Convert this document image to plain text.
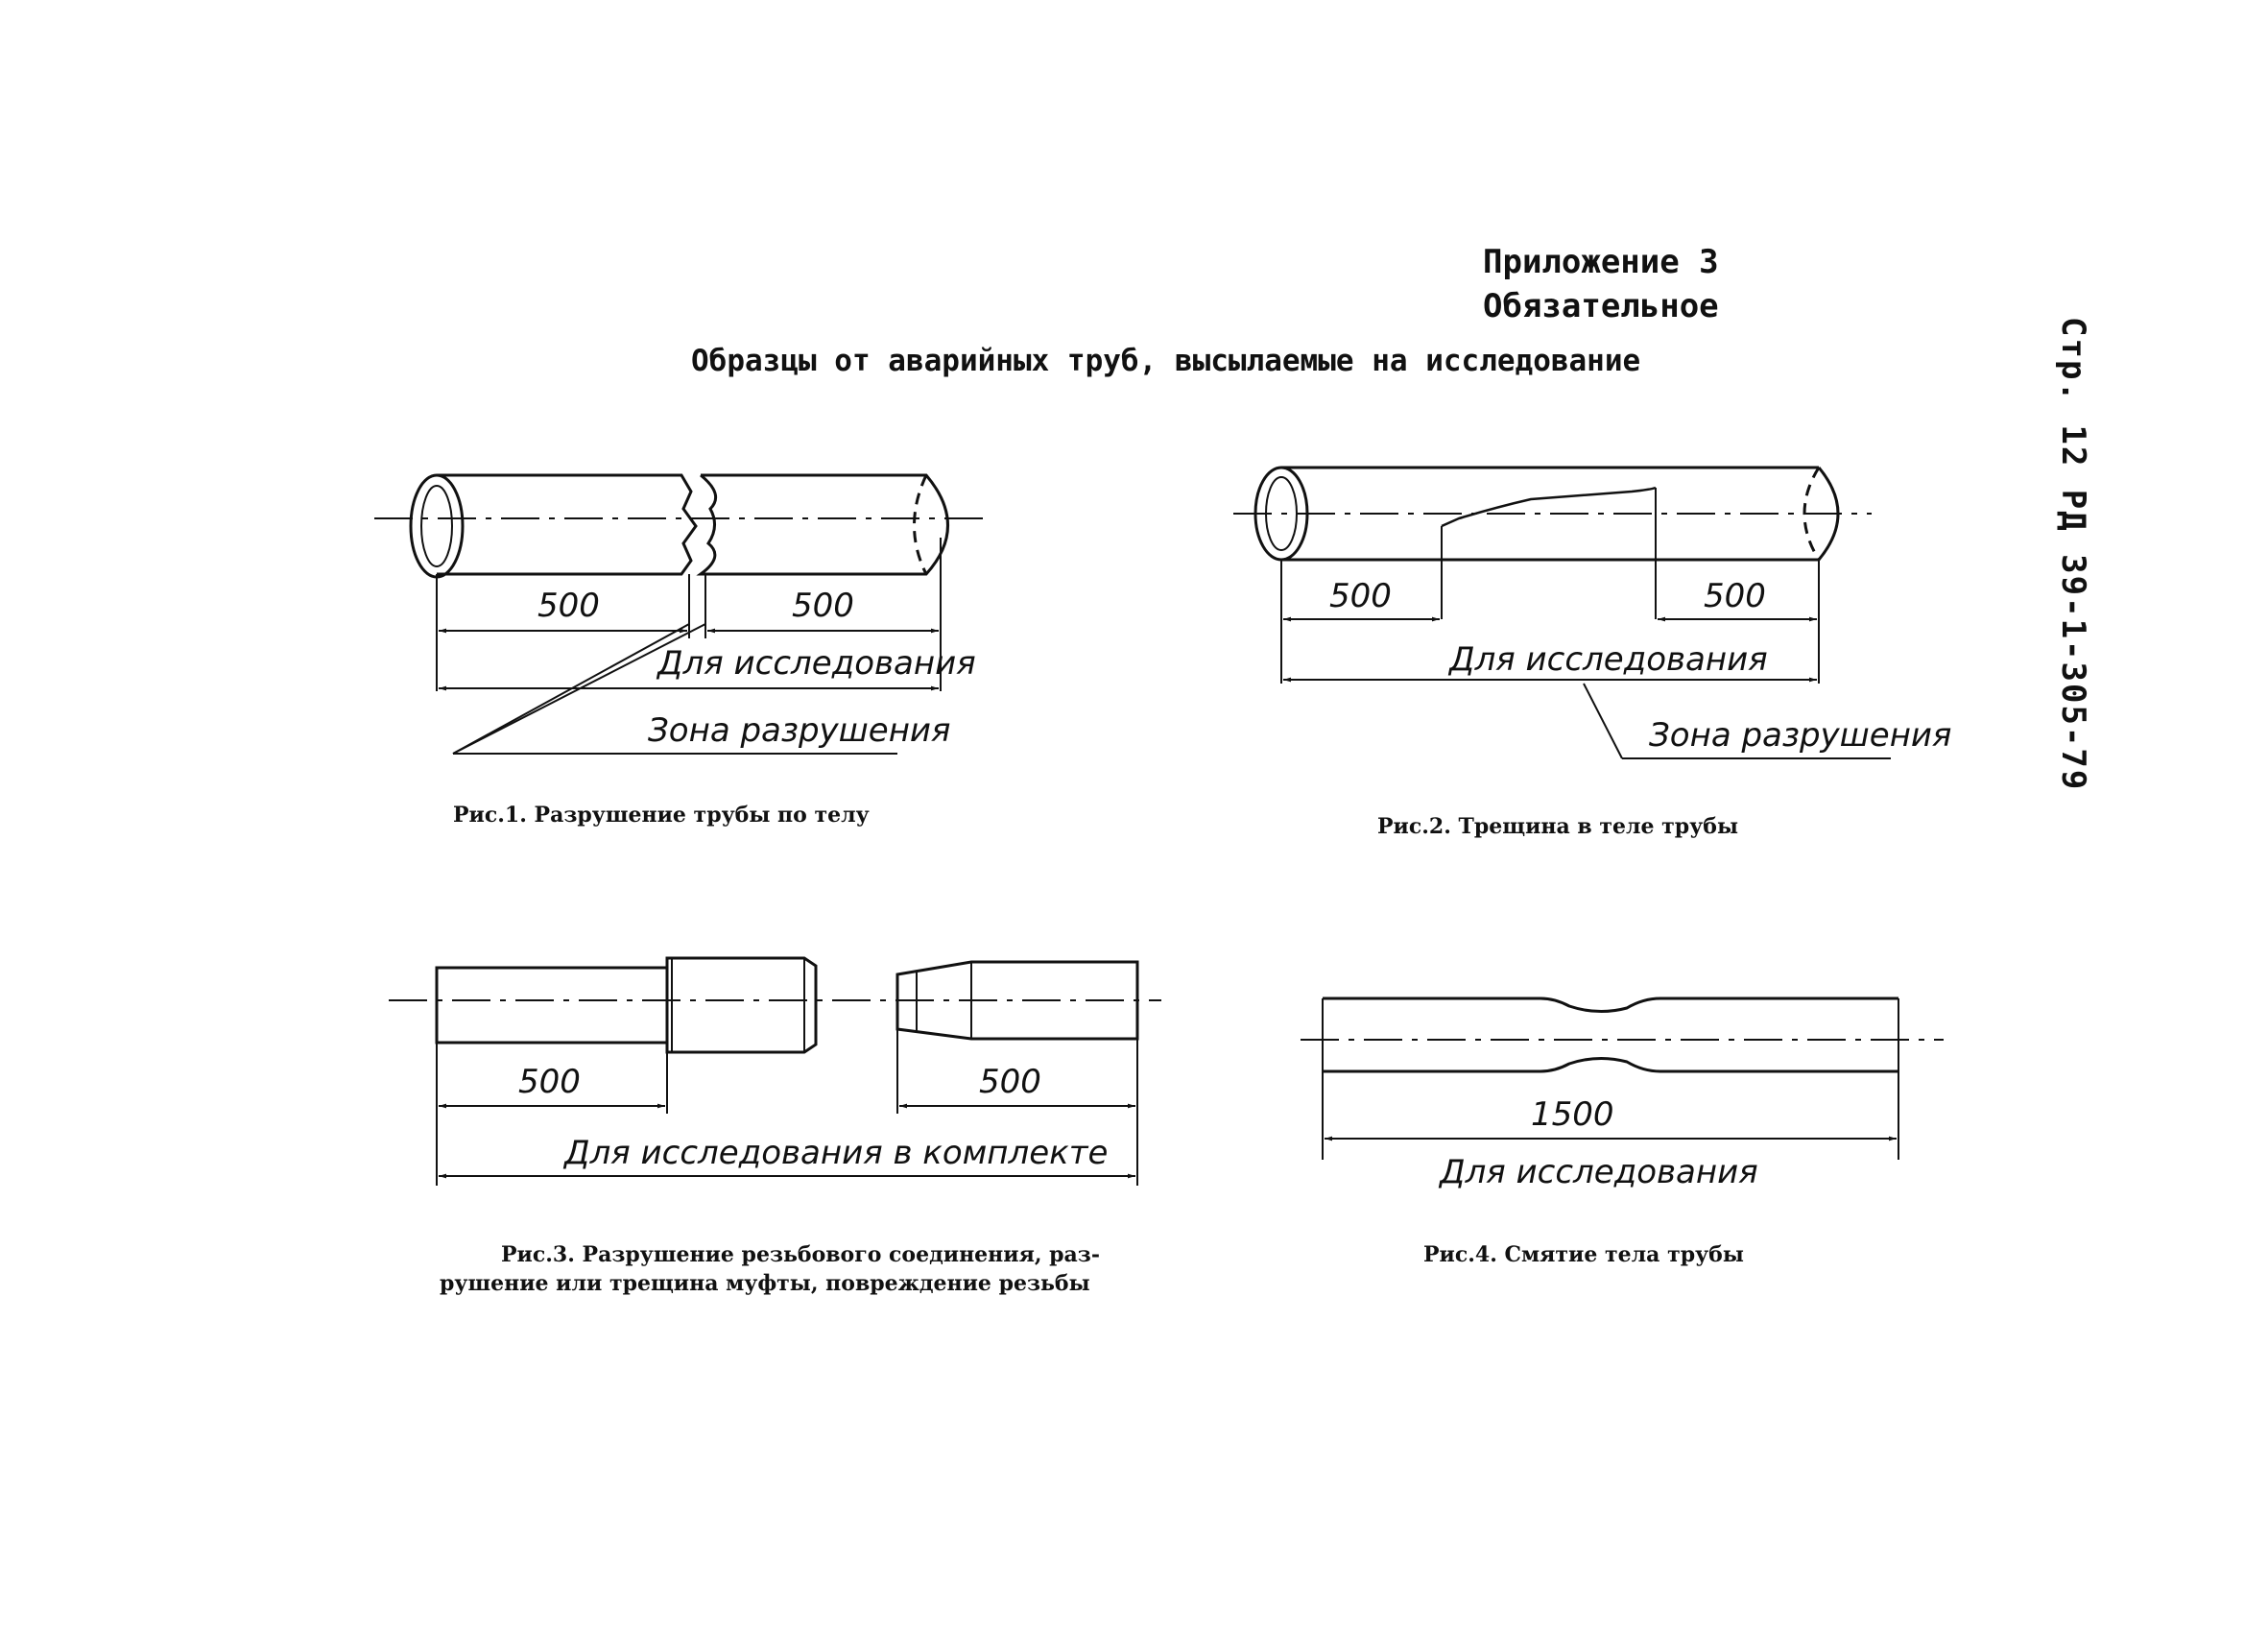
Приложение 3
Обязательное
Образцы от аварийных труб, высылаемые на исследование	Стр. 12 РД 39-1-305-79
500	500
Для исследования
Зона разрушения
500	500
Для исследования
Зона разрушения
500	500
Для исследования в комплекте
1500
Для исследования
Рис.1. Разрушение трубы по телу	Рис.2. Трещина в теле трубы
Рис.3. Разрушение резьбового соединения, раз-
рушение или трещина муфты, повреждение резьбы
Рис.4. Смятие тела трубы
